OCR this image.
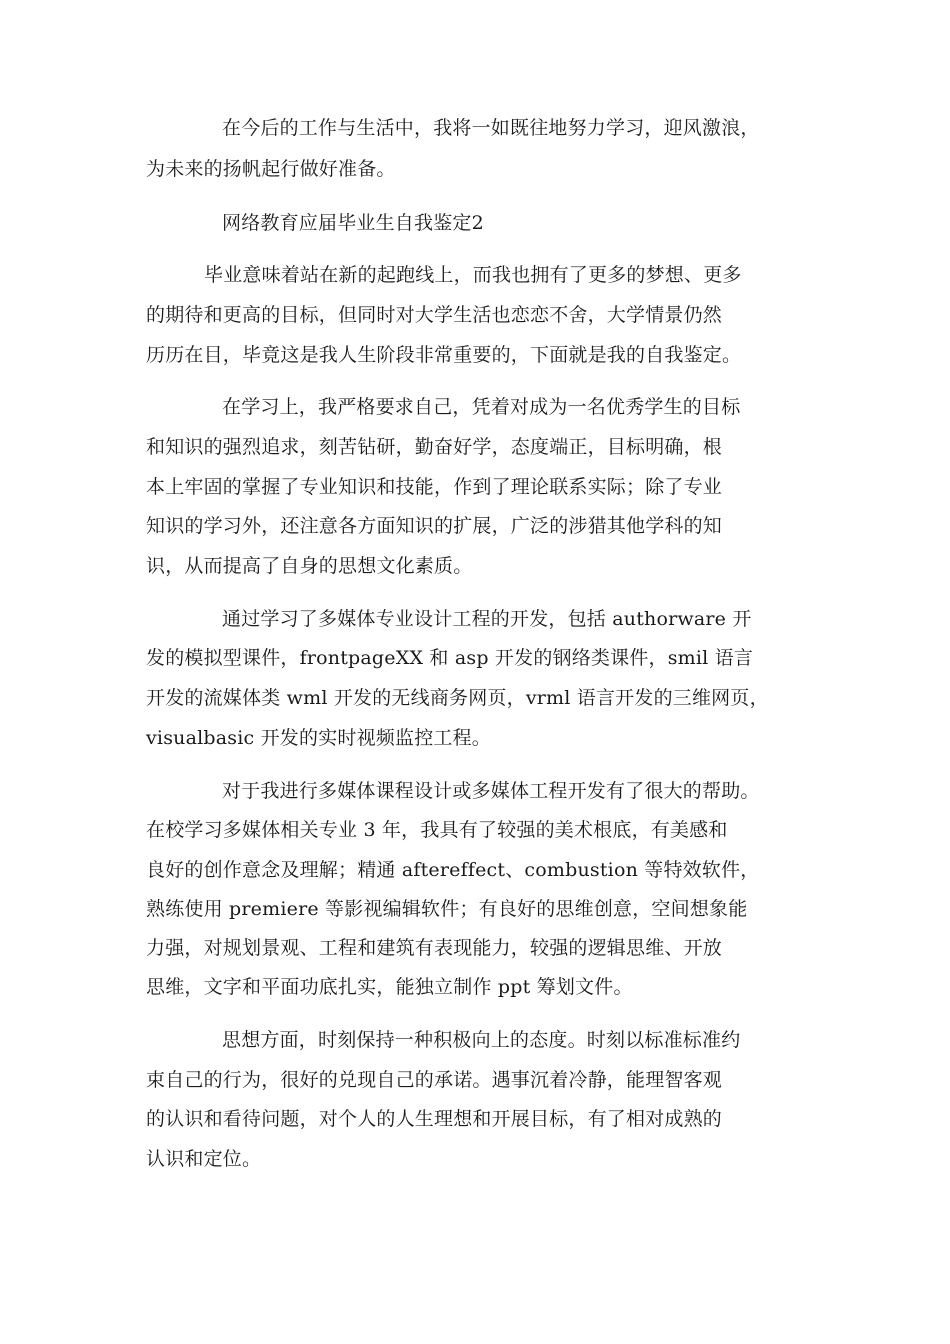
在今后的工作与生活中，我将一如既往地努力学习，迎风激浪，
为未来的扬帆起行做好准备。
网络教育应届毕业生自我鉴定2
毕业意味着站在新的起跑线上，而我也拥有了更多的梦想、更多
的期待和更高的目标，但同时对大学生活也恋恋不舍，大学情景仍然
历历在目，毕竟这是我人生阶段非常重要的，下面就是我的自我鉴定。
在学习上，我严格要求自己，凭着对成为一名优秀学生的目标
和知识的强烈追求，刻苦钻研，勤奋好学，态度端正，目标明确，根
本上牢固的掌握了专业知识和技能，作到了理论联系实际；除了专业
知识的学习外，还注意各方面知识的扩展，广泛的涉猎其他学科的知
识，从而提高了自身的思想文化素质。
通过学习了多媒体专业设计工程的开发，包括 authorware 开
发的模拟型课件，frontpageXX 和 asp 开发的钢络类课件，smil 语言
开发的流媒体类 wml 开发的无线商务网页，vrml 语言开发的三维网页，
visualbasic 开发的实时视频监控工程。
对于我进行多媒体课程设计或多媒体工程开发有了很大的帮助。
在校学习多媒体相关专业 3 年，我具有了较强的美术根底，有美感和
良好的创作意念及理解；精通 aftereffect、combustion 等特效软件，
熟练使用 premiere 等影视编辑软件；有良好的思维创意，空间想象能
力强，对规划景观、工程和建筑有表现能力，较强的逻辑思维、开放
思维，文字和平面功底扎实，能独立制作 ppt 筹划文件。
思想方面，时刻保持一种积极向上的态度。时刻以标准标准约
束自己的行为，很好的兑现自己的承诺。遇事沉着冷静，能理智客观
的认识和看待问题，对个人的人生理想和开展目标，有了相对成熟的
认识和定位。
